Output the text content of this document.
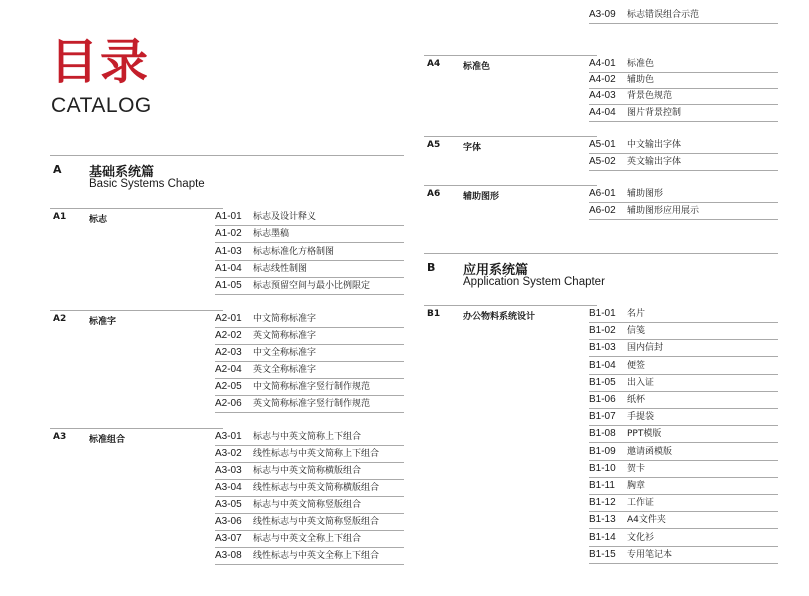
目录
CATALOG
A 基础系统篇
Basic Systems Chapte
B 应用系统篇
Application System Chapter
A1	标志	A1-01 标志及设计释义
A1-02 标志墨稿
A1-03 标志标准化方格制图
A1-04 标志线性制图
A1-05 标志预留空间与最小比例限定
A2	标准字	A2-01 中文简称标准字
A2-02 英文简称标准字
A2-03 中文全称标准字
A2-04 英文全称标准字
A2-05 中文简称标准字竖行制作规范
A2-06 英文简称标准字竖行制作规范
A3	标准组合	A3-01 标志与中英文简称上下组合
A3-02 线性标志与中英文简称上下组合
A3-03 标志与中英文简称横版组合
A3-04 线性标志与中英文简称横版组合
A3-05 标志与中英文简称竖版组合
A3-06 线性标志与中英文简称竖版组合
A3-07 标志与中英文全称上下组合
A3-08 线性标志与中英文全称上下组合
A3-09 标志错误组合示范
A4	标准色	A4-01 标准色
A4-02 辅助色
A4-03 背景色规范
A4-04 图片背景控制
A5	字体	A5-01 中文输出字体
A5-02 英文输出字体
A6	辅助图形	A6-01 辅助图形
A6-02 辅助图形应用展示
B1	办公物料系统设计	B1-01 名片
B1-02 信笺
B1-03 国内信封
B1-04 便签
B1-05 出入证
B1-06 纸杯
B1-07 手提袋
B1-08 PPT模版
B1-09 邀请函模版
B1-10 贺卡
B1-11 胸章
B1-12 工作证
B1-13 A4文件夹
B1-14 文化衫
B1-15 专用笔记本
